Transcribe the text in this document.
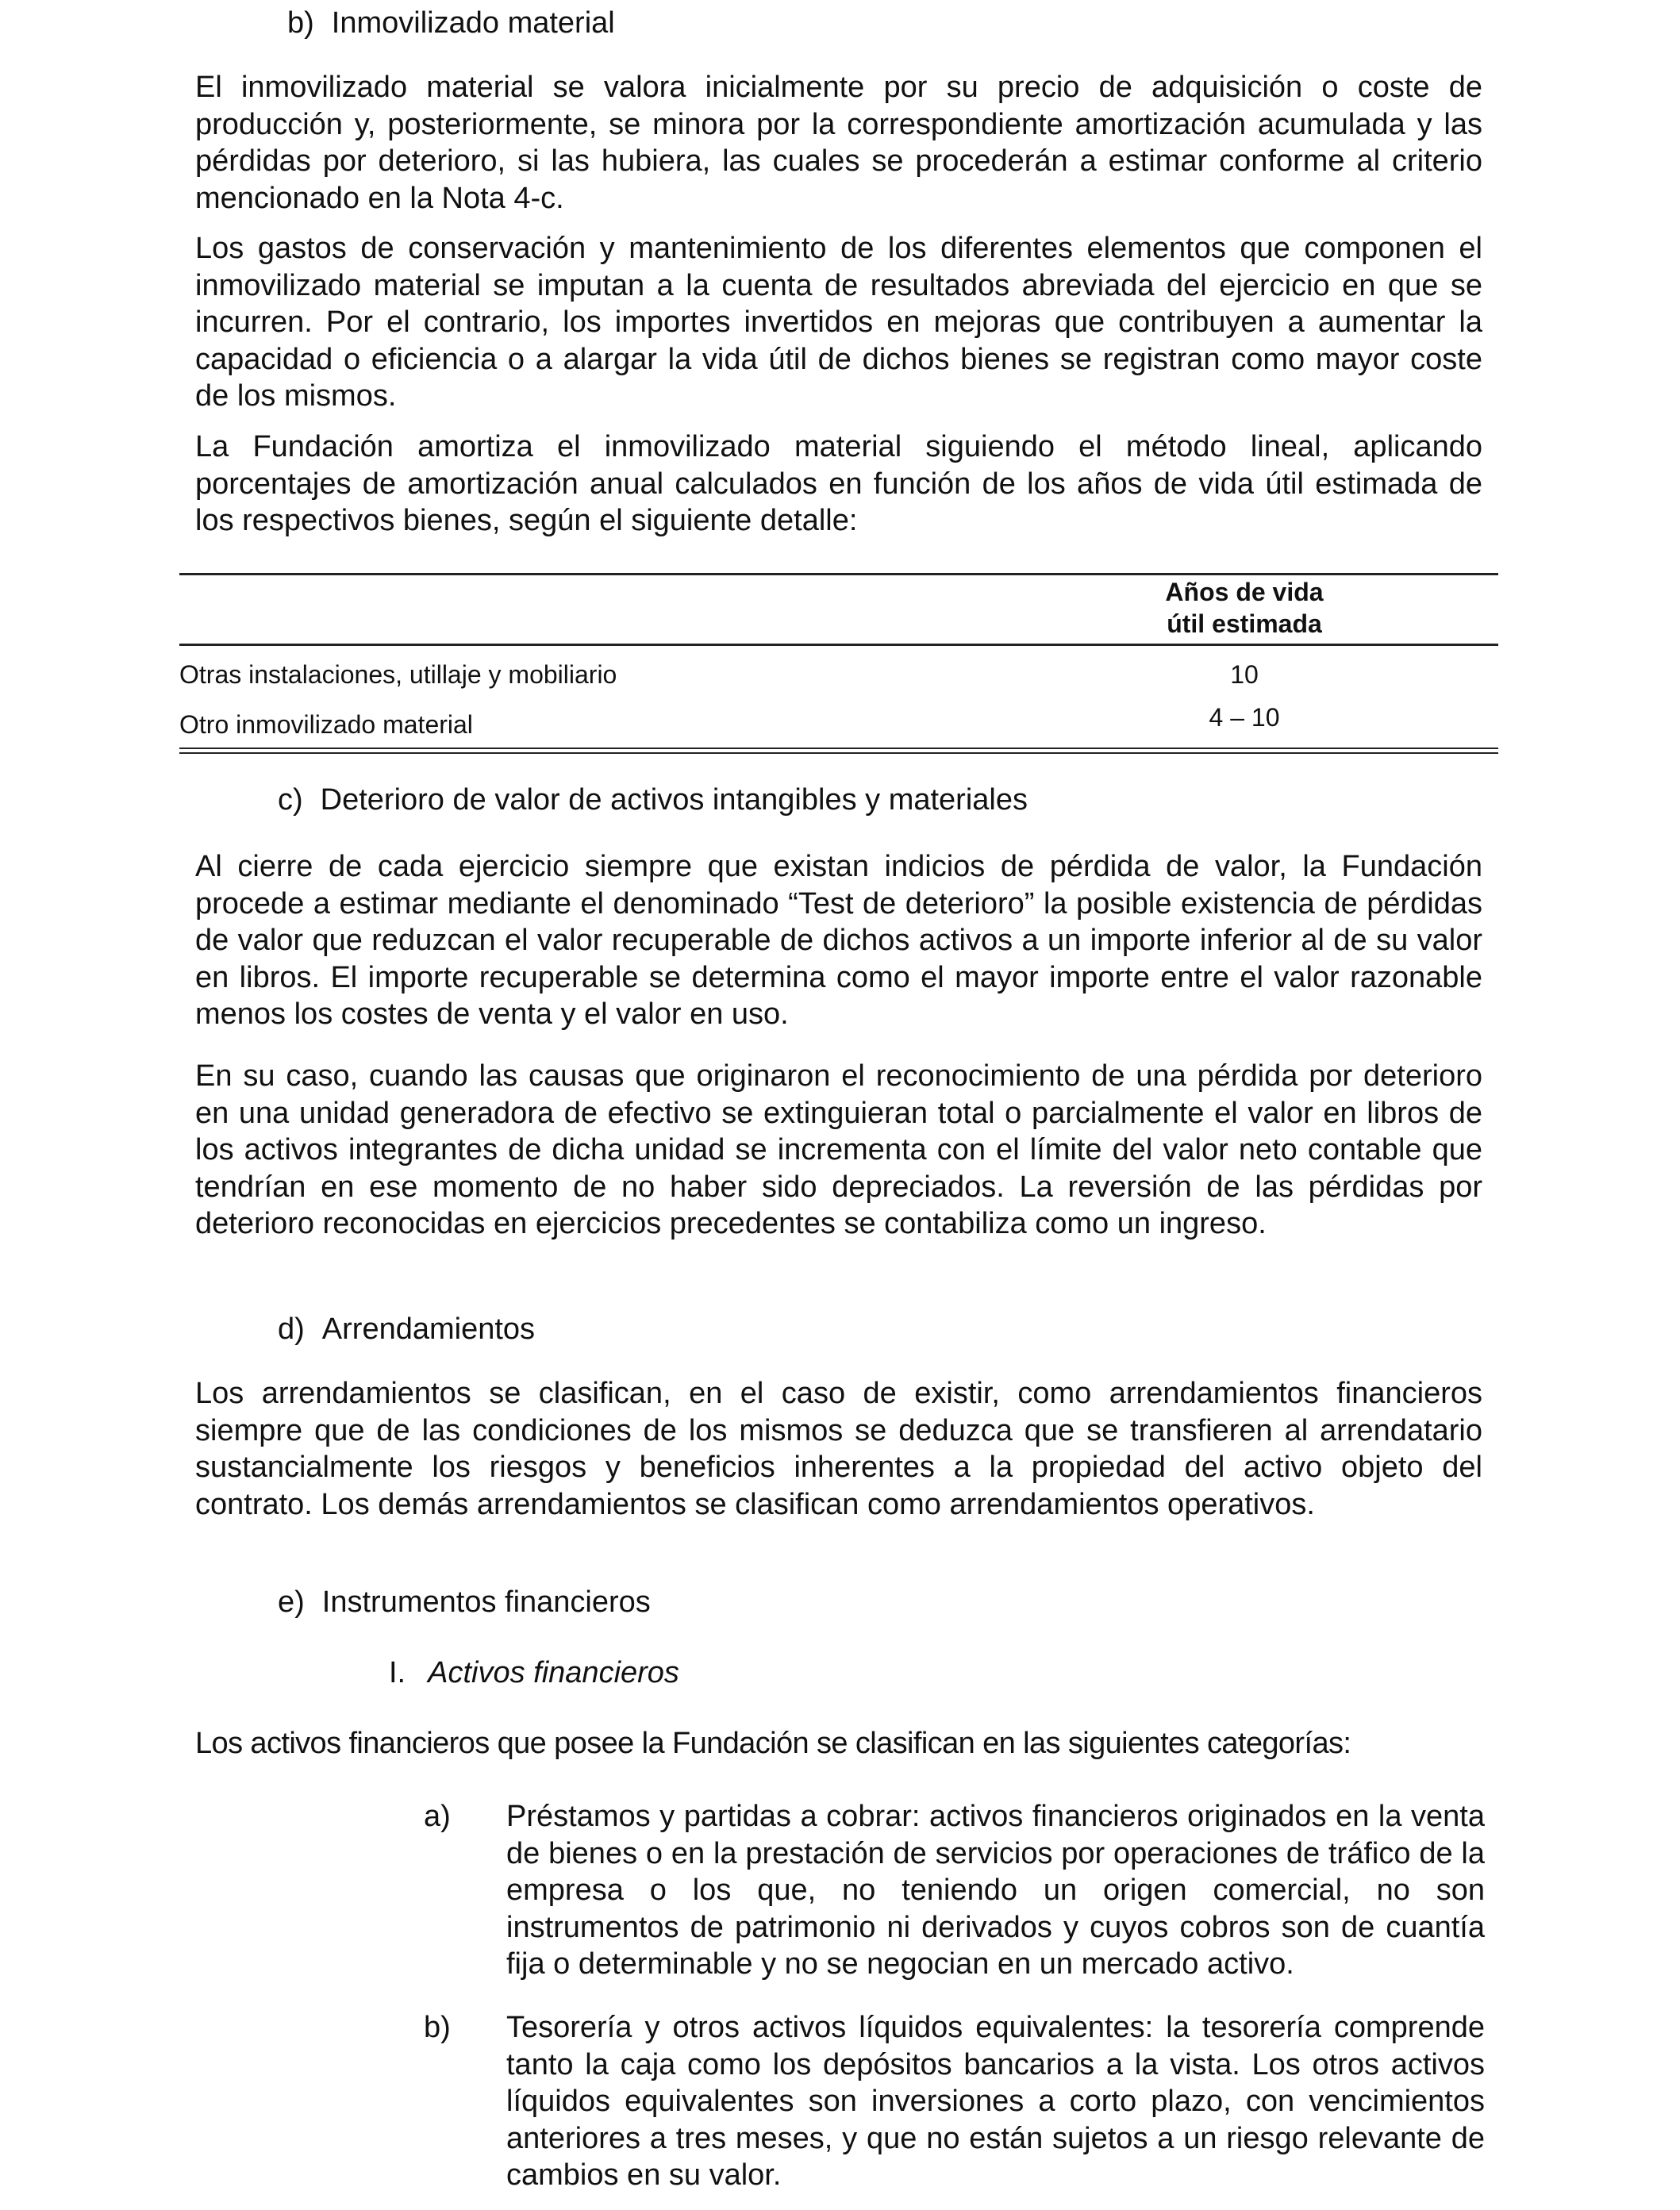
b) Inmovilizado material

El inmovilizado material se valora inicialmente por su precio de adquisición o coste de producción y, posteriormente, se minora por la correspondiente amortización acumulada y las pérdidas por deterioro, si las hubiera, las cuales se procederán a estimar conforme al criterio mencionado en la Nota 4-c.

Los gastos de conservación y mantenimiento de los diferentes elementos que componen el inmovilizado material se imputan a la cuenta de resultados abreviada del ejercicio en que se incurren. Por el contrario, los importes invertidos en mejoras que contribuyen a aumentar la capacidad o eficiencia o a alargar la vida útil de dichos bienes se registran como mayor coste de los mismos.

La Fundación amortiza el inmovilizado material siguiendo el método lineal, aplicando porcentajes de amortización anual calculados en función de los años de vida útil estimada de los respectivos bienes, según el siguiente detalle:

Años de vida
útil estimada
Otras instalaciones, utillaje y mobiliario	10
Otro inmovilizado material	4 – 10
c) Deterioro de valor de activos intangibles y materiales

Al cierre de cada ejercicio siempre que existan indicios de pérdida de valor, la Fundación procede a estimar mediante el denominado “Test de deterioro” la posible existencia de pérdidas de valor que reduzcan el valor recuperable de dichos activos a un importe inferior al de su valor en libros. El importe recuperable se determina como el mayor importe entre el valor razonable menos los costes de venta y el valor en uso.

En su caso, cuando las causas que originaron el reconocimiento de una pérdida por deterioro en una unidad generadora de efectivo se extinguieran total o parcialmente el valor en libros de los activos integrantes de dicha unidad se incrementa con el límite del valor neto contable que tendrían en ese momento de no haber sido depreciados. La reversión de las pérdidas por deterioro reconocidas en ejercicios precedentes se contabiliza como un ingreso.

d) Arrendamientos

Los arrendamientos se clasifican, en el caso de existir, como arrendamientos financieros siempre que de las condiciones de los mismos se deduzca que se transfieren al arrendatario sustancialmente los riesgos y beneficios inherentes a la propiedad del activo objeto del contrato. Los demás arrendamientos se clasifican como arrendamientos operativos.

e) Instrumentos financieros
I. Activos financieros

Los activos financieros que posee la Fundación se clasifican en las siguientes categorías:

a) Préstamos y partidas a cobrar: activos financieros originados en la venta de bienes o en la prestación de servicios por operaciones de tráfico de la empresa o los que, no teniendo un origen comercial, no son instrumentos de patrimonio ni derivados y cuyos cobros son de cuantía fija o determinable y no se negocian en un mercado activo.
b) Tesorería y otros activos líquidos equivalentes: la tesorería comprende tanto la caja como los depósitos bancarios a la vista. Los otros activos líquidos equivalentes son inversiones a corto plazo, con vencimientos anteriores a tres meses, y que no están sujetos a un riesgo relevante de cambios en su valor.
